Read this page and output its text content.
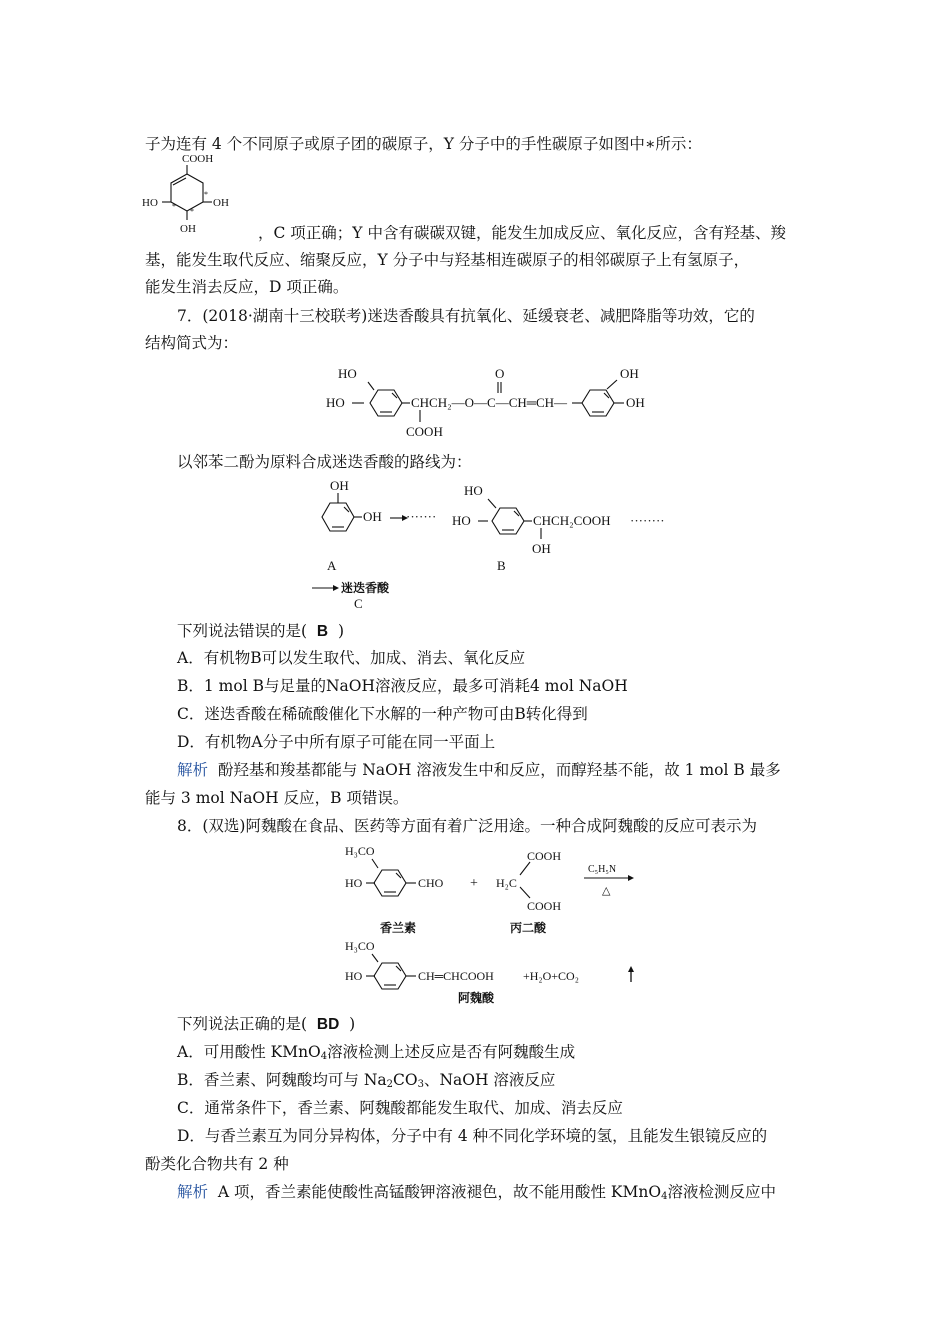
子为连有 4 个不同原子或原子团的碳原子，Y 分子中的手性碳原子如图中∗所示：
COOH
HO	OH
OH
*
*
*
，C 项正确；Y 中含有碳碳双键，能发生加成反应、氧化反应，含有羟基、羧
基，能发生取代反应、缩聚反应，Y 分子中与羟基相连碳原子的相邻碳原子上有氢原子，
能发生消去反应，D 项正确。
7．(2018·湖南十三校联考)迷迭香酸具有抗氧化、延缓衰老、减肥降脂等功效，它的
结构简式为：
HO
HO	CHCH₂—O—C—CH═CH—
O
COOH
OH
OH
以邻苯二酚为原料合成迷迭香酸的路线为：
OH
OH ·······
HO
HO	CHCH₂COOH
OH
········
A	B
迷迭香酸
C
下列说法错误的是( B )
A．有机物B可以发生取代、加成、消去、氧化反应
B．1 mol B与足量的NaOH溶液反应，最多可消耗4 mol NaOH
C．迷迭香酸在稀硫酸催化下水解的一种产物可由B转化得到
D．有机物A分子中所有原子可能在同一平面上
解析 酚羟基和羧基都能与 NaOH 溶液发生中和反应，而醇羟基不能，故 1 mol B 最多
能与 3 mol NaOH 反应，B 项错误。
8．(双选)阿魏酸在食品、医药等方面有着广泛用途。一种合成阿魏酸的反应可表示为
H₃CO
HO	CHO + H₂C
COOH
COOH
C₅H₅N
△
香兰素	丙二酸
H₃CO
HO	CH═CHCOOH +H₂O+CO₂
阿魏酸
下列说法正确的是( BD )
A．可用酸性 KMnO$_4$溶液检测上述反应是否有阿魏酸生成
B．香兰素、阿魏酸均可与 $Na_2CO_3$、NaOH 溶液反应
C．通常条件下，香兰素、阿魏酸都能发生取代、加成、消去反应
D．与香兰素互为同分异构体，分子中有 4 种不同化学环境的氢，且能发生银镜反应的
酚类化合物共有 2 种
解析 A 项，香兰素能使酸性高锰酸钾溶液褪色，故不能用酸性 KMnO$_4$溶液检测反应中
